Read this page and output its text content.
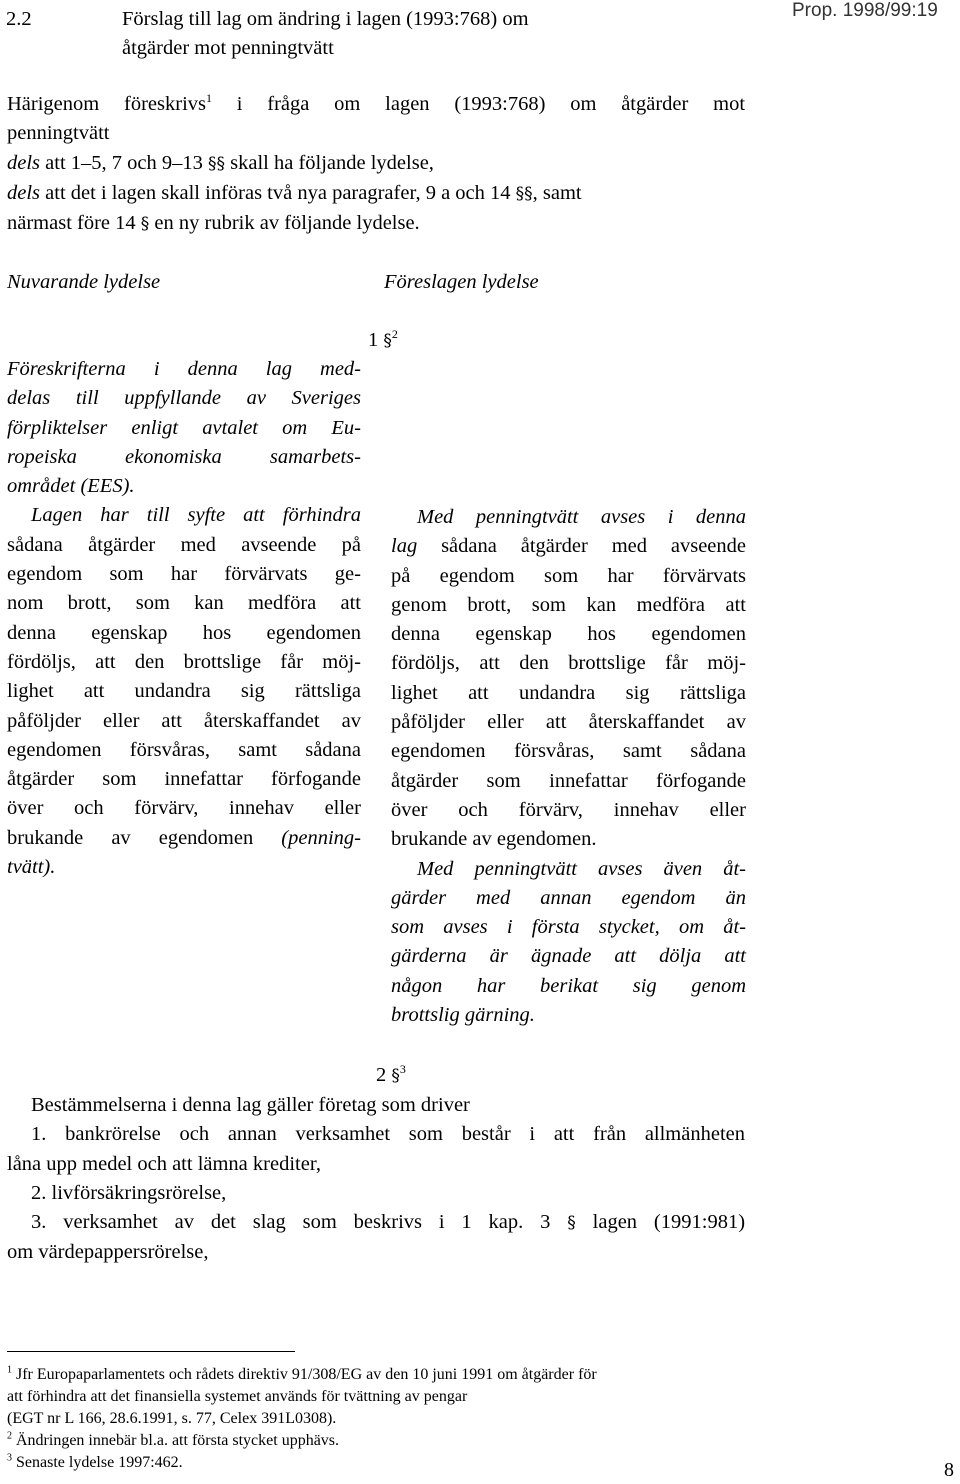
2.2	Förslag till lag om ändring i lagen (1993:768) om
åtgärder mot penningtvätt
Prop. 1998/99:19
Härigenom föreskrivs$^1$ i fråga om lagen (1993:768) om åtgärder mot
penningtvätt
dels att 1–5, 7 och 9–13 §§ skall ha följande lydelse,
dels att det i lagen skall införas två nya paragrafer, 9 a och 14 §§, samt
närmast före 14 § en ny rubrik av följande lydelse.
Nuvarande lydelse	Föreslagen lydelse
1 §$^2$
Föreskrifterna i denna lag med-
delas till uppfyllande av Sveriges
förpliktelser enligt avtalet om Eu-
ropeiska ekonomiska samarbets-
området (EES).
Lagen har till syfte att förhindra
sådana åtgärder med avseende på
egendom som har förvärvats ge-
nom brott, som kan medföra att
denna egenskap hos egendomen
fördöljs, att den brottslige får möj-
lighet att undandra sig rättsliga
påföljder eller att återskaffandet av
egendomen försvåras, samt sådana
åtgärder som innefattar förfogande
över och förvärv, innehav eller
brukande av egendomen (penning-
tvätt).
Med penningtvätt avses i denna
lag sådana åtgärder med avseende
på egendom som har förvärvats
genom brott, som kan medföra att
denna egenskap hos egendomen
fördöljs, att den brottslige får möj-
lighet att undandra sig rättsliga
påföljder eller att återskaffandet av
egendomen försvåras, samt sådana
åtgärder som innefattar förfogande
över och förvärv, innehav eller
brukande av egendomen.
Med penningtvätt avses även åt-
gärder med annan egendom än
som avses i första stycket, om åt-
gärderna är ägnade att dölja att
någon har berikat sig genom
brottslig gärning.
2 §$^3$
Bestämmelserna i denna lag gäller företag som driver
1. bankrörelse och annan verksamhet som består i att från allmänheten
låna upp medel och att lämna krediter,
2. livförsäkringsrörelse,
3. verksamhet av det slag som beskrivs i 1 kap. 3 § lagen (1991:981)
om värdepappersrörelse,
$^1$ Jfr Europaparlamentets och rådets direktiv 91/308/EG av den 10 juni 1991 om åtgärder för
att förhindra att det finansiella systemet används för tvättning av pengar
(EGT nr L 166, 28.6.1991, s. 77, Celex 391L0308).
$^2$ Ändringen innebär bl.a. att första stycket upphävs.
$^3$ Senaste lydelse 1997:462.	8
